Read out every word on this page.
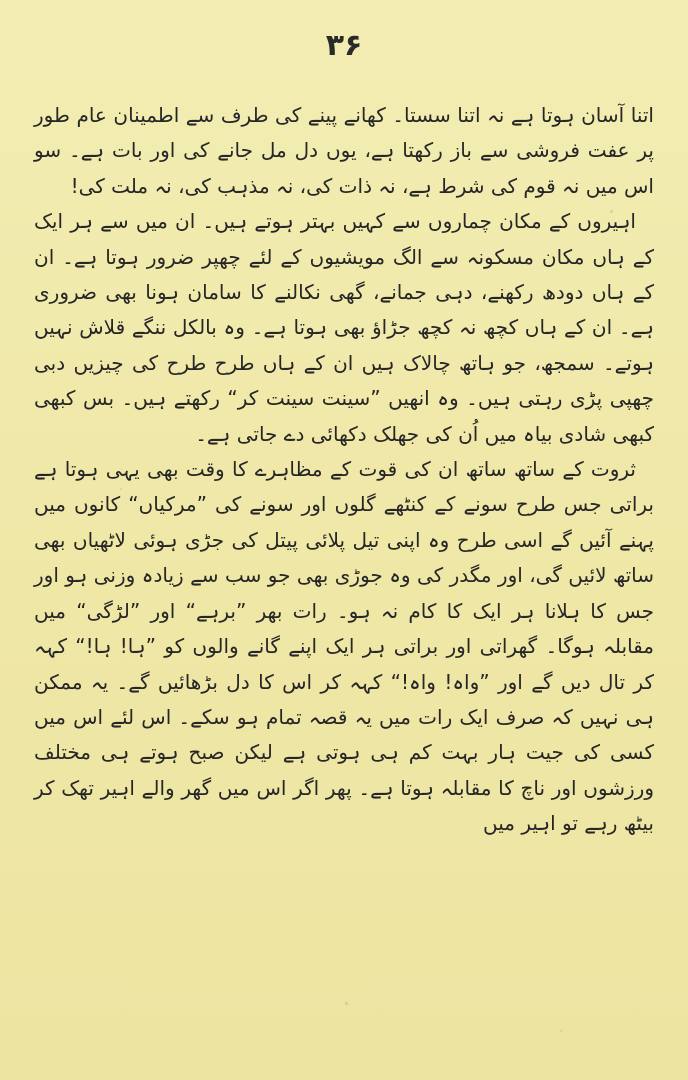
۳۶

اتنا آسان ہوتا ہے نہ اتنا سستا۔ کھانے پینے کی طرف سے اطمینان عام طور پر عفت فروشی سے باز رکھتا ہے، یوں دل مل جانے کی اور بات ہے۔ سو اس میں نہ قوم کی شرط ہے، نہ ذات کی، نہ مذہب کی، نہ ملت کی!

اہیروں کے مکان چماروں سے کہیں بہتر ہوتے ہیں۔ ان میں سے ہر ایک کے ہاں مکان مسکونہ سے الگ مویشیوں کے لئے چھپر ضرور ہوتا ہے۔ ان کے ہاں دودھ رکھنے، دہی جمانے، گھی نکالنے کا سامان ہونا بھی ضروری ہے۔ ان کے ہاں کچھ نہ کچھ جڑاؤ بھی ہوتا ہے۔ وہ بالکل ننگے قلاش نہیں ہوتے۔ سمجھ، جو ہاتھ چالاک ہیں ان کے ہاں طرح طرح کی چیزیں دبی چھپی پڑی رہتی ہیں۔ وہ انھیں ”سینت سینت کر“ رکھتے ہیں۔ بس کبھی کبھی شادی بیاہ میں اُن کی جھلک دکھائی دے جاتی ہے۔

ثروت کے ساتھ ساتھ ان کی قوت کے مظاہرے کا وقت بھی یہی ہوتا ہے براتی جس طرح سونے کے کنٹھے گلوں اور سونے کی ”مرکیاں“ کانوں میں پہنے آئیں گے اسی طرح وہ اپنی تیل پلائی پیتل کی جڑی ہوئی لاٹھیاں بھی ساتھ لائیں گی، اور مگدر کی وہ جوڑی بھی جو سب سے زیادہ وزنی ہو اور جس کا ہلانا ہر ایک کا کام نہ ہو۔ رات بھر ”برہے“ اور ”لڑگی“ میں مقابلہ ہوگا۔ گھراتی اور براتی ہر ایک اپنے گانے والوں کو ”ہا! ہا!“ کہہ کر تال دیں گے اور ”واہ! واہ!“ کہہ کر اس کا دل بڑھائیں گے۔ یہ ممکن ہی نہیں کہ صرف ایک رات میں یہ قصہ تمام ہو سکے۔ اس لئے اس میں کسی کی جیت ہار بہت کم ہی ہوتی ہے لیکن صبح ہوتے ہی مختلف ورزشوں اور ناچ کا مقابلہ ہوتا ہے۔ پھر اگر اس میں گھر والے اہیر تھک کر بیٹھ رہے تو اہیر میں
